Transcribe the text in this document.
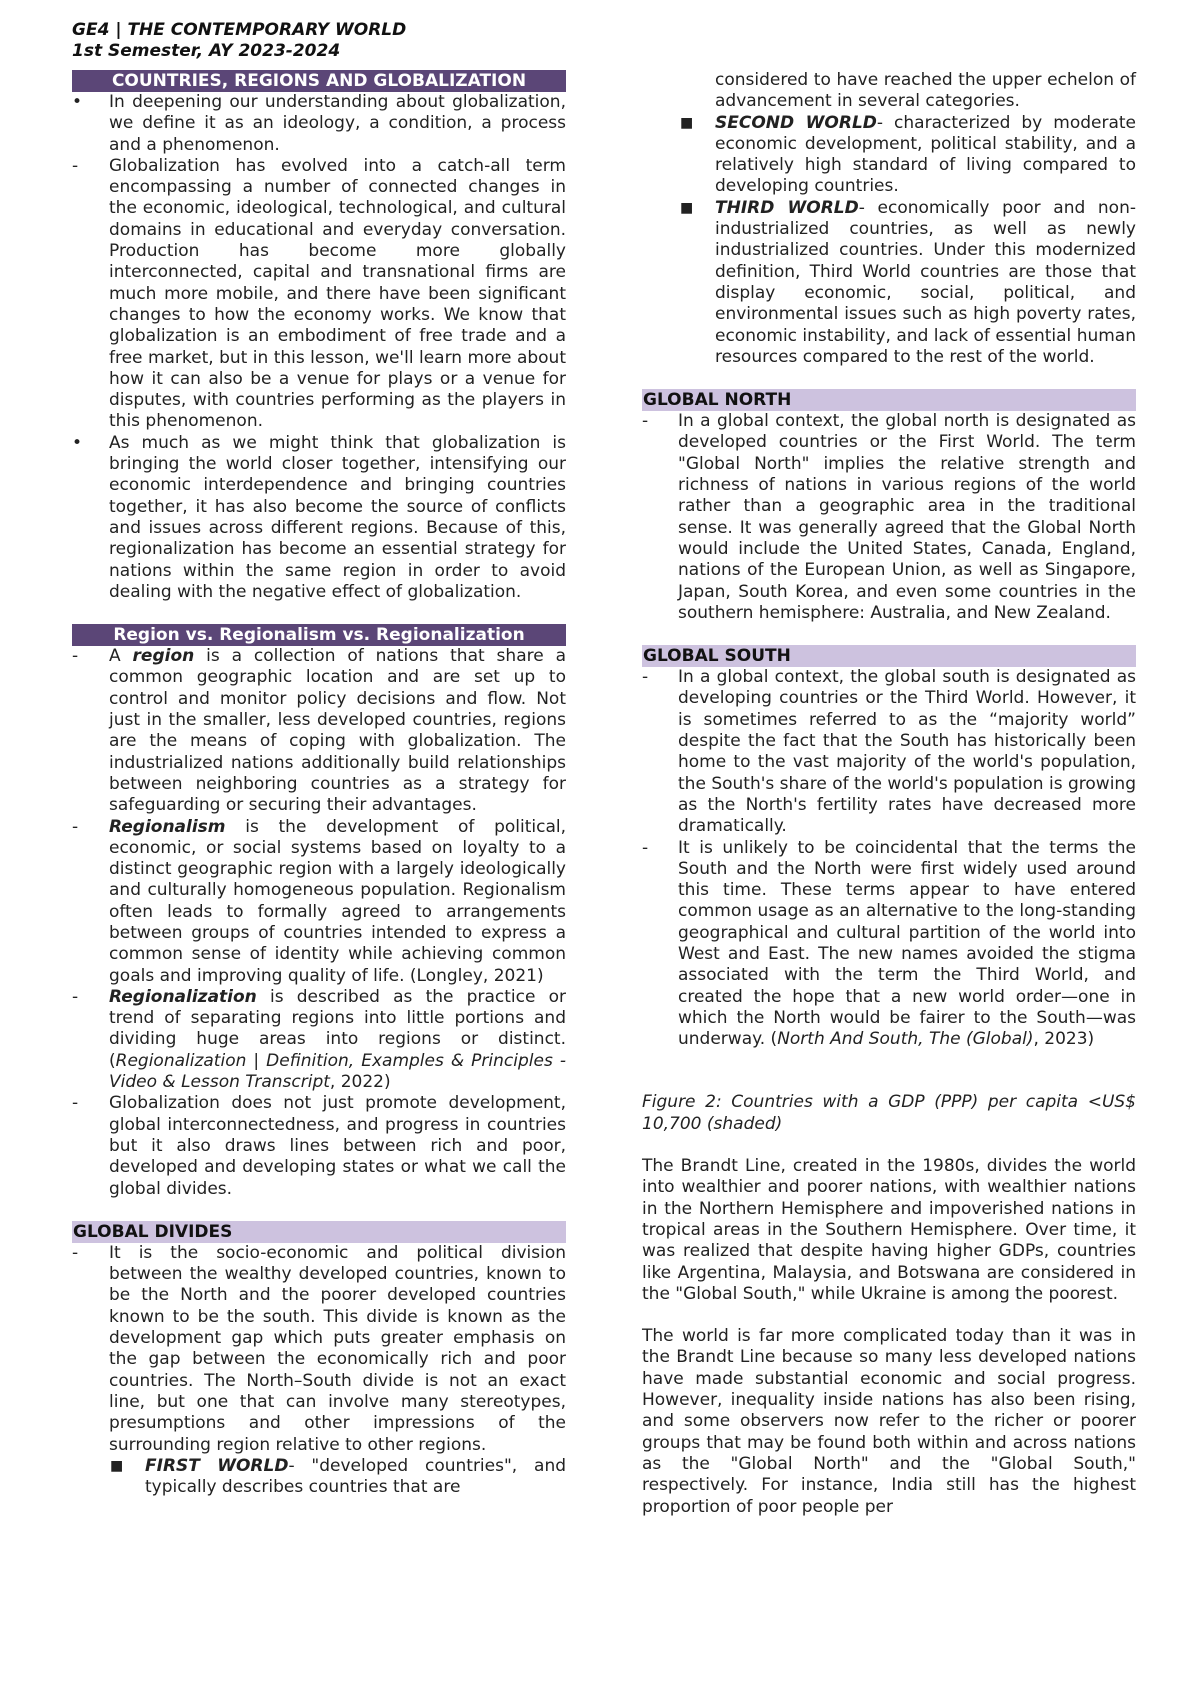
GE4 | THE CONTEMPORARY WORLD
1st Semester, AY 2023-2024
COUNTRIES, REGIONS AND GLOBALIZATION
•	In deepening our understanding about globalization, we define it as an ideology, a condition, a process and a phenomenon.
-	Globalization has evolved into a catch-all term encompassing a number of connected changes in the economic, ideological, technological, and cultural domains in educational and everyday conversation. Production has become more globally interconnected, capital and transnational firms are much more mobile, and there have been significant changes to how the economy works. We know that globalization is an embodiment of free trade and a free market, but in this lesson, we'll learn more about how it can also be a venue for plays or a venue for disputes, with countries performing as the players in this phenomenon.
•	As much as we might think that globalization is bringing the world closer together, intensifying our economic interdependence and bringing countries together, it has also become the source of conflicts and issues across different regions. Because of this, regionalization has become an essential strategy for nations within the same region in order to avoid dealing with the negative effect of globalization.
Region vs. Regionalism vs. Regionalization
-	A region is a collection of nations that share a common geographic location and are set up to control and monitor policy decisions and flow. Not just in the smaller, less developed countries, regions are the means of coping with globalization. The industrialized nations additionally build relationships between neighboring countries as a strategy for safeguarding or securing their advantages.
-	Regionalism is the development of political, economic, or social systems based on loyalty to a distinct geographic region with a largely ideologically and culturally homogeneous population. Regionalism often leads to formally agreed to arrangements between groups of countries intended to express a common sense of identity while achieving common goals and improving quality of life. (Longley, 2021)
-	Regionalization is described as the practice or trend of separating regions into little portions and dividing huge areas into regions or distinct. (Regionalization | Definition, Examples & Principles - Video & Lesson Transcript, 2022)
-	Globalization does not just promote development, global interconnectedness, and progress in countries but it also draws lines between rich and poor, developed and developing states or what we call the global divides.
GLOBAL DIVIDES
-	It is the socio-economic and political division between the wealthy developed countries, known to be the North and the poorer developed countries known to be the south. This divide is known as the development gap which puts greater emphasis on the gap between the economically rich and poor countries. The North–South divide is not an exact line, but one that can involve many stereotypes, presumptions and other impressions of the surrounding region relative to other regions.
■	FIRST WORLD- "developed countries", and typically describes countries that are
considered to have reached the upper echelon of advancement in several categories.
■	SECOND WORLD- characterized by moderate economic development, political stability, and a relatively high standard of living compared to developing countries.
■	THIRD WORLD- economically poor and non-industrialized countries, as well as newly industrialized countries. Under this modernized definition, Third World countries are those that display economic, social, political, and environmental issues such as high poverty rates, economic instability, and lack of essential human resources compared to the rest of the world.
GLOBAL NORTH
-	In a global context, the global north is designated as developed countries or the First World. The term "Global North" implies the relative strength and richness of nations in various regions of the world rather than a geographic area in the traditional sense. It was generally agreed that the Global North would include the United States, Canada, England, nations of the European Union, as well as Singapore, Japan, South Korea, and even some countries in the southern hemisphere: Australia, and New Zealand.
GLOBAL SOUTH
-	In a global context, the global south is designated as developing countries or the Third World. However, it is sometimes referred to as the “majority world” despite the fact that the South has historically been home to the vast majority of the world's population, the South's share of the world's population is growing as the North's fertility rates have decreased more dramatically.
-	It is unlikely to be coincidental that the terms the South and the North were first widely used around this time. These terms appear to have entered common usage as an alternative to the long-standing geographical and cultural partition of the world into West and East. The new names avoided the stigma associated with the term the Third World, and created the hope that a new world order—one in which the North would be fairer to the South—was underway. (North And South, The (Global), 2023)

Figure 2: Countries with a GDP (PPP) per capita <US$ 10,700 (shaded)

The Brandt Line, created in the 1980s, divides the world into wealthier and poorer nations, with wealthier nations in the Northern Hemisphere and impoverished nations in tropical areas in the Southern Hemisphere. Over time, it was realized that despite having higher GDPs, countries like Argentina, Malaysia, and Botswana are considered in the "Global South," while Ukraine is among the poorest.

The world is far more complicated today than it was in the Brandt Line because so many less developed nations have made substantial economic and social progress. However, inequality inside nations has also been rising, and some observers now refer to the richer or poorer groups that may be found both within and across nations as the "Global North" and the "Global South," respectively. For instance, India still has the highest proportion of poor people per
